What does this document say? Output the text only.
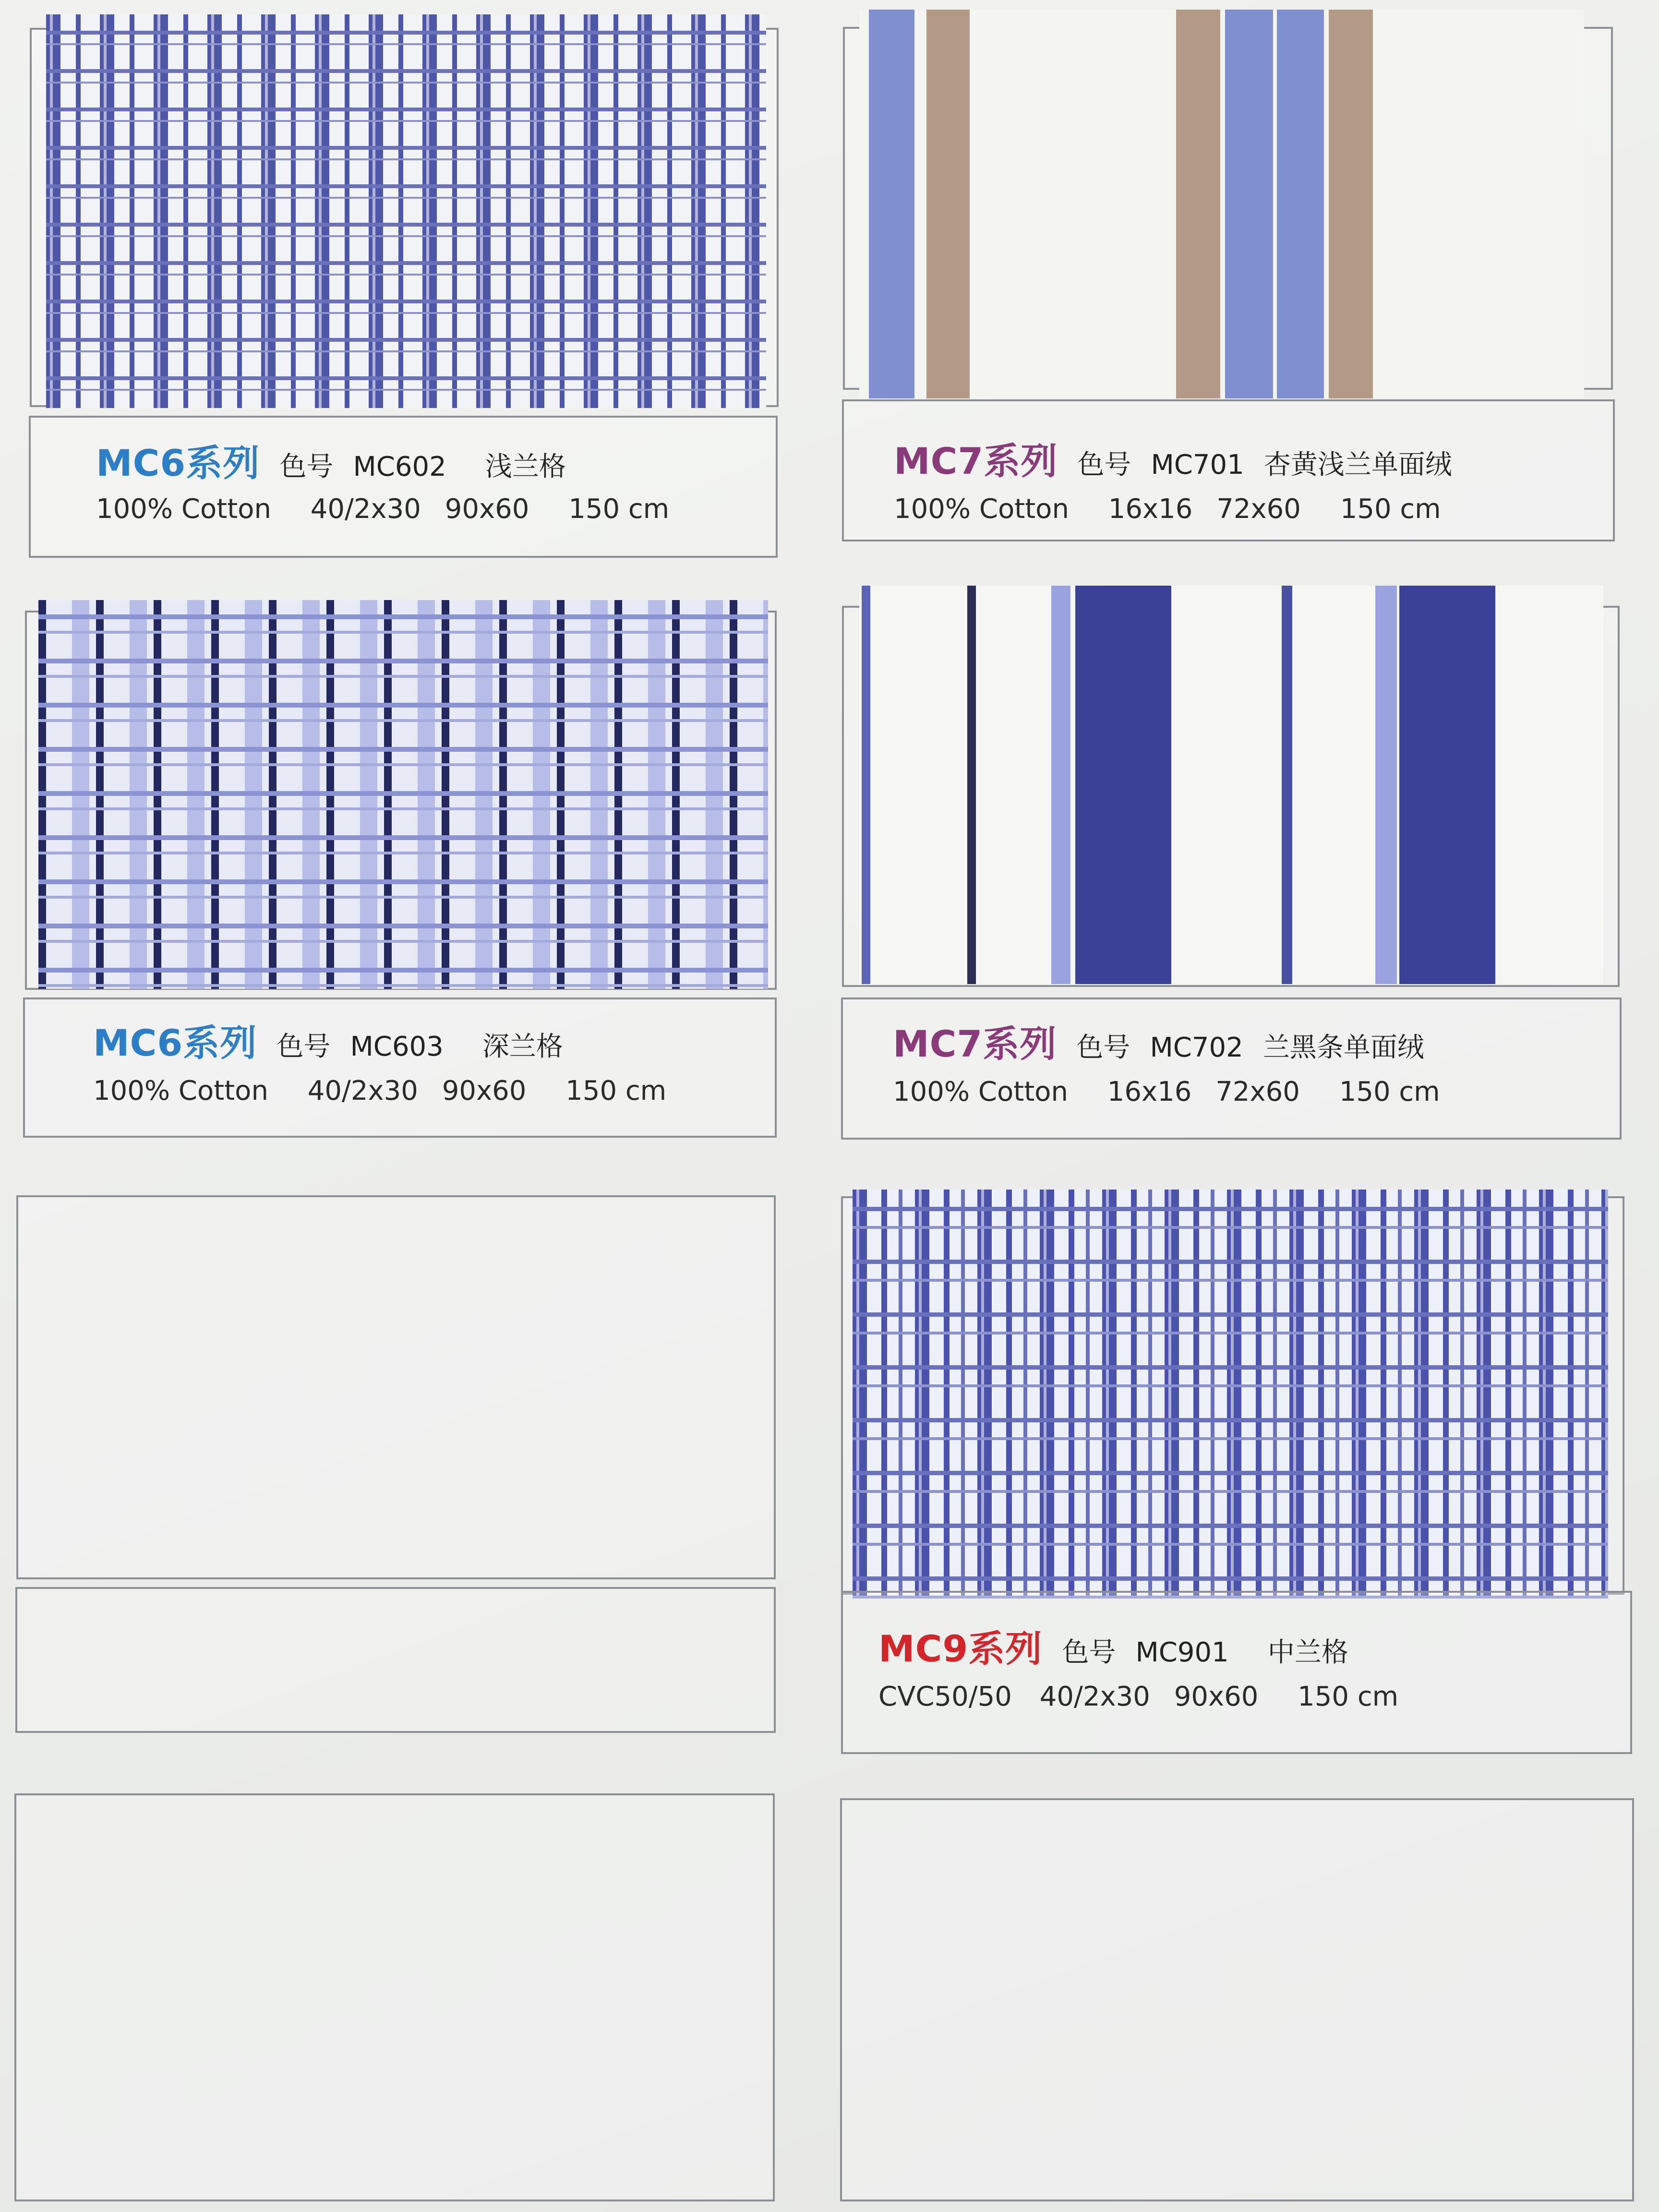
MC6系列 色号 MC602 浅兰格
100% Cotton 40/2x30 90x60 150 cm
MC7系列 色号 MC701 杏黄浅兰单面绒
100% Cotton 16x16 72x60 150 cm
MC6系列 色号 MC603 深兰格
100% Cotton 40/2x30 90x60 150 cm
MC7系列 色号 MC702 兰黑条单面绒
100% Cotton 16x16 72x60 150 cm
MC9系列 色号 MC901 中兰格
CVC50/50 40/2x30 90x60 150 cm
